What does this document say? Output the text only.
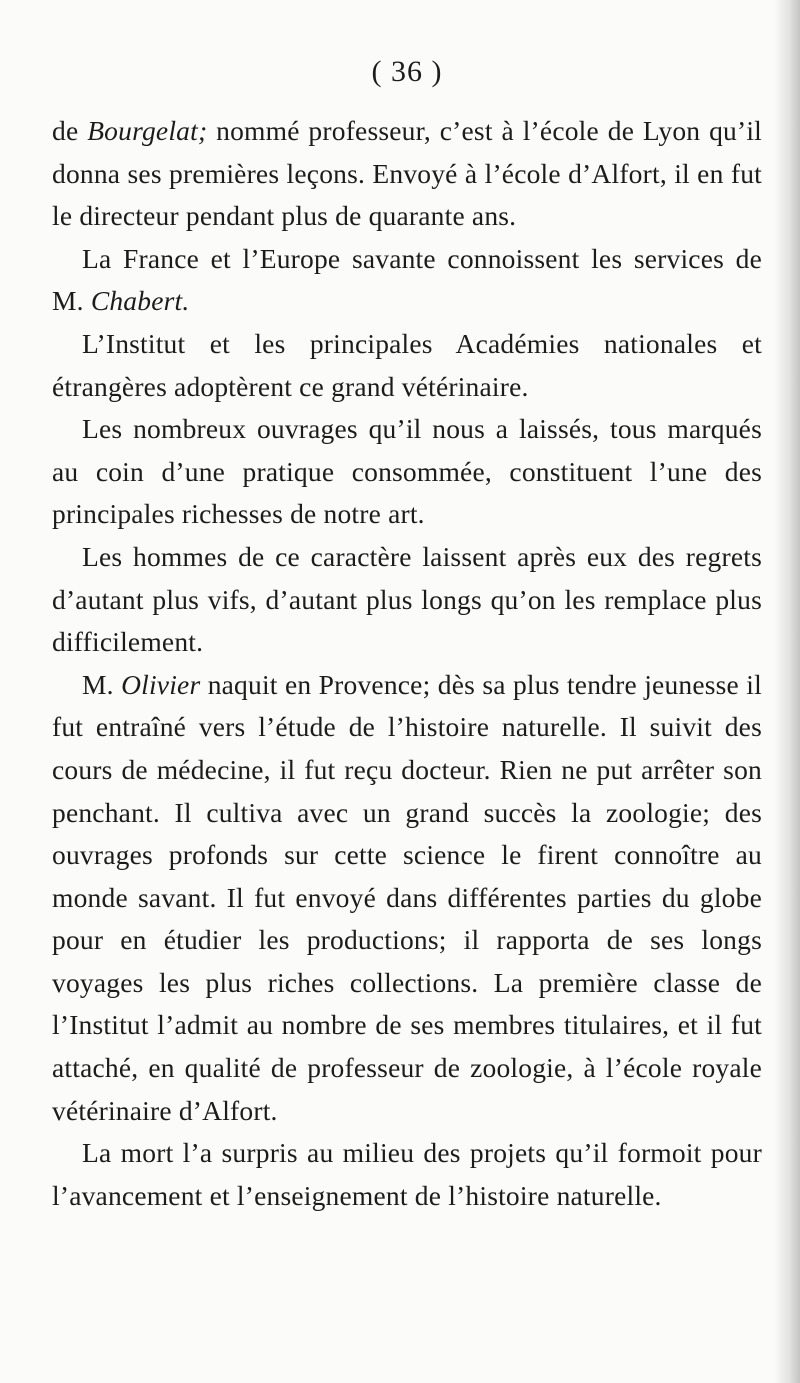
( 36 )

de Bourgelat; nommé professeur, c’est à l’école de Lyon qu’il donna ses premières leçons. Envoyé à l’école d’Alfort, il en fut le directeur pendant plus de quarante ans.

La France et l’Europe savante connoissent les services de M. Chabert.

L’Institut et les principales Académies nationales et étrangères adoptèrent ce grand vétérinaire.

Les nombreux ouvrages qu’il nous a laissés, tous marqués au coin d’une pratique consommée, constituent l’une des principales richesses de notre art.

Les hommes de ce caractère laissent après eux des regrets d’autant plus vifs, d’autant plus longs qu’on les remplace plus difficilement.

M. Olivier naquit en Provence; dès sa plus tendre jeunesse il fut entraîné vers l’étude de l’histoire naturelle. Il suivit des cours de médecine, il fut reçu docteur. Rien ne put arrêter son penchant. Il cultiva avec un grand succès la zoologie; des ouvrages profonds sur cette science le firent connoître au monde savant. Il fut envoyé dans différentes parties du globe pour en étudier les productions; il rapporta de ses longs voyages les plus riches collections. La première classe de l’Institut l’admit au nombre de ses membres titulaires, et il fut attaché, en qualité de professeur de zoologie, à l’école royale vétérinaire d’Alfort.

La mort l’a surpris au milieu des projets qu’il formoit pour l’avancement et l’enseignement de l’histoire naturelle.
